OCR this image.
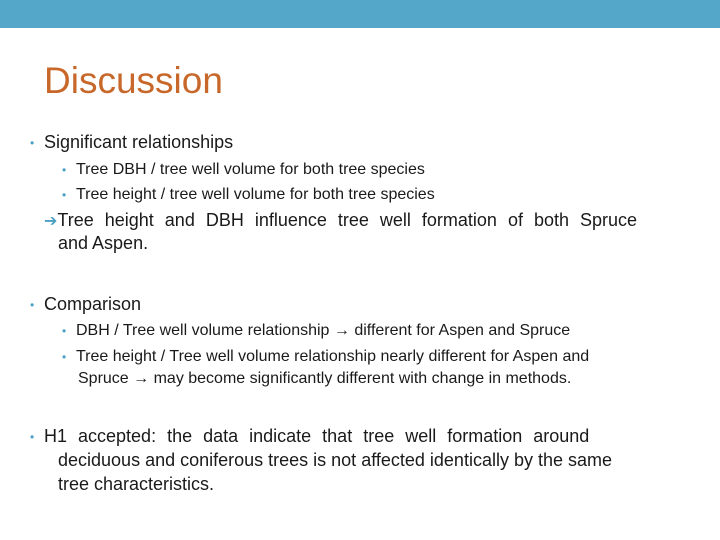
Discussion
• Significant relationships
• Tree DBH / tree well volume for both tree species
• Tree height / tree well volume for both tree species
➔Tree height and DBH influence tree well formation of both Spruce
and Aspen.
• Comparison
• DBH / Tree well volume relationship → different for Aspen and Spruce
• Tree height / Tree well volume relationship nearly different for Aspen and
Spruce → may become significantly different with change in methods.
• H1 accepted: the data indicate that tree well formation around
deciduous and coniferous trees is not affected identically by the same
tree characteristics.
